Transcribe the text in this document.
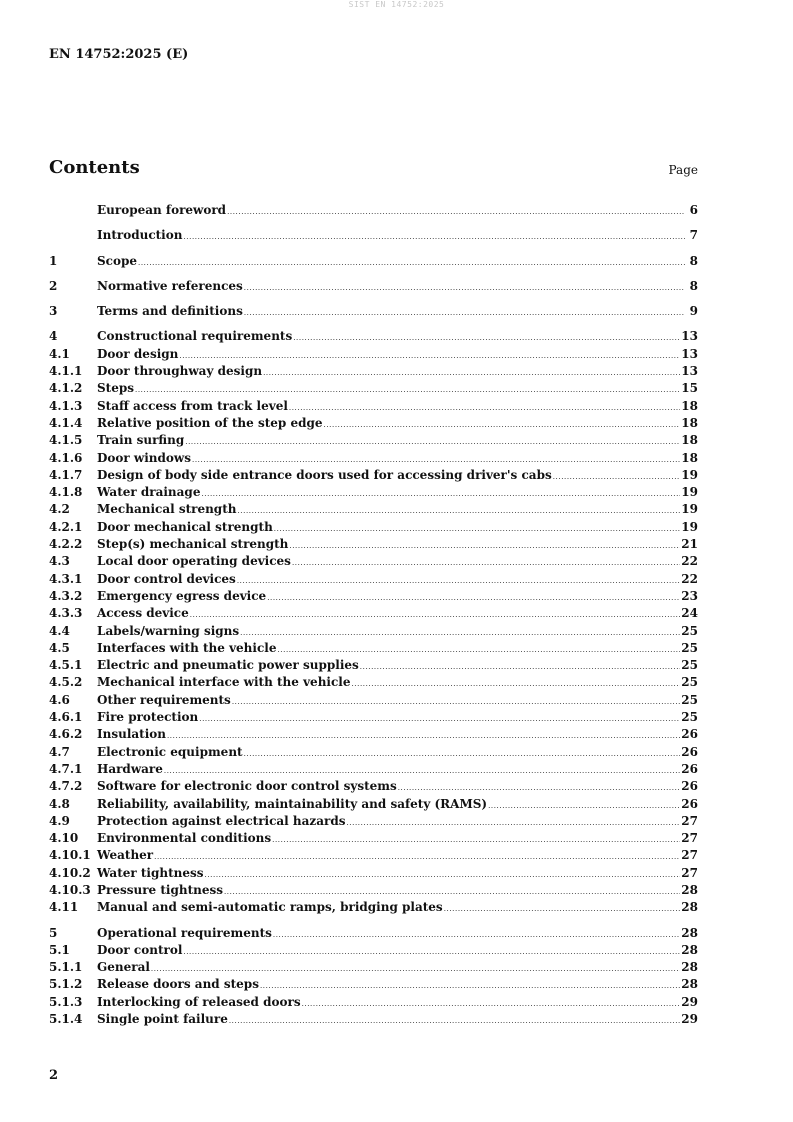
SIST EN 14752:2025
EN 14752:2025 (E)
Contents	Page
European foreword .....	6
Introduction .....	7
1	Scope .....	8
2	Normative references .....	8
3	Terms and definitions .....	9
4	Constructional requirements .....	13
4.1	Door design .....	13
4.1.1	Door throughway design .....	13
4.1.2	Steps .....	15
4.1.3	Staff access from track level .....	18
4.1.4	Relative position of the step edge .....	18
4.1.5	Train surfing .....	18
4.1.6	Door windows .....	18
4.1.7	Design of body side entrance doors used for accessing driver's cabs .....	19
4.1.8	Water drainage .....	19
4.2	Mechanical strength .....	19
4.2.1	Door mechanical strength .....	19
4.2.2	Step(s) mechanical strength .....	21
4.3	Local door operating devices .....	22
4.3.1	Door control devices .....	22
4.3.2	Emergency egress device .....	23
4.3.3	Access device .....	24
4.4	Labels/warning signs .....	25
4.5	Interfaces with the vehicle .....	25
4.5.1	Electric and pneumatic power supplies .....	25
4.5.2	Mechanical interface with the vehicle .....	25
4.6	Other requirements .....	25
4.6.1	Fire protection .....	25
4.6.2	Insulation .....	26
4.7	Electronic equipment .....	26
4.7.1	Hardware .....	26
4.7.2	Software for electronic door control systems .....	26
4.8	Reliability, availability, maintainability and safety (RAMS) .....	26
4.9	Protection against electrical hazards .....	27
4.10	Environmental conditions .....	27
4.10.1 Weather .....	27
4.10.2 Water tightness .....	27
4.10.3 Pressure tightness .....	28
4.11	Manual and semi-automatic ramps, bridging plates .....	28
5	Operational requirements .....	28
5.1	Door control .....	28
5.1.1	General .....	28
5.1.2	Release doors and steps .....	28
5.1.3	Interlocking of released doors .....	29
5.1.4	Single point failure .....	29
2
